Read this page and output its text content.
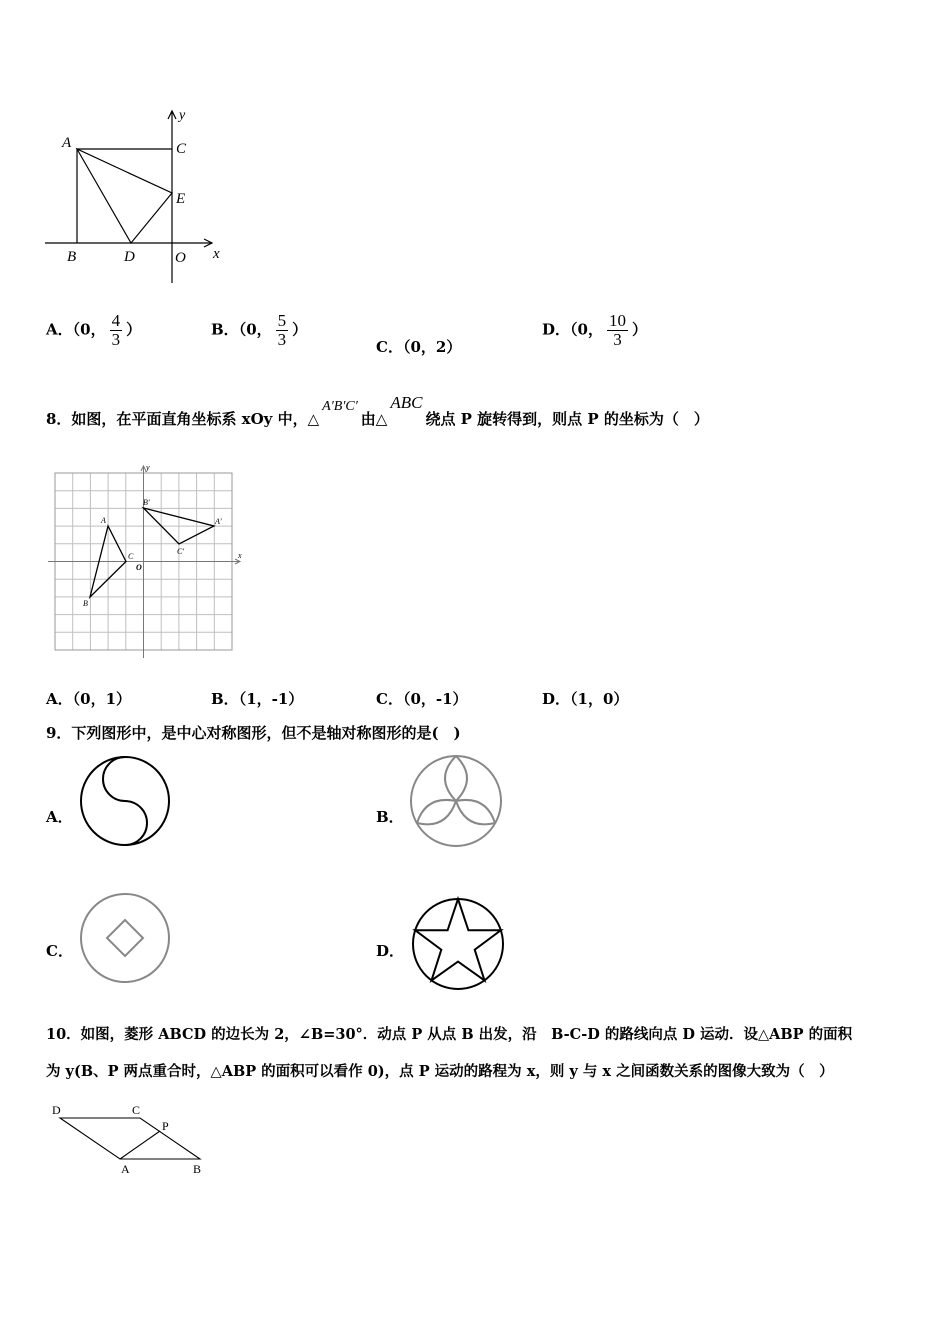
A	C
E
B	D	O x
y
A．（0， $\frac{4}{3}$ ）	B．（0， $\frac{5}{3}$ ）
C．（0，2）
D．（0， $\frac{10}{3}$ ）
8．如图，在平面直角坐标系 xOy 中，△A′B′C′由△ABC绕点 P 旋转得到，则点 P 的坐标为（　）
A
B
C
O
A′
B′
C′	x
y
A．（0，1）	B．（1，-1）	C．（0，-1）	D．（1，0）
9．下列图形中，是中心对称图形，但不是轴对称图形的是(　)
A．	B．
C．	D．
10．如图，菱形 ABCD 的边长为 2，∠B=30°．动点 P 从点 B 出发，沿　B-C-D 的路线向点 D 运动．设△ABP 的面积
为 y(B、P 两点重合时，△ABP 的面积可以看作 0)，点 P 运动的路程为 x，则 y 与 x 之间函数关系的图像大致为（　）
D	C
P
A	B
